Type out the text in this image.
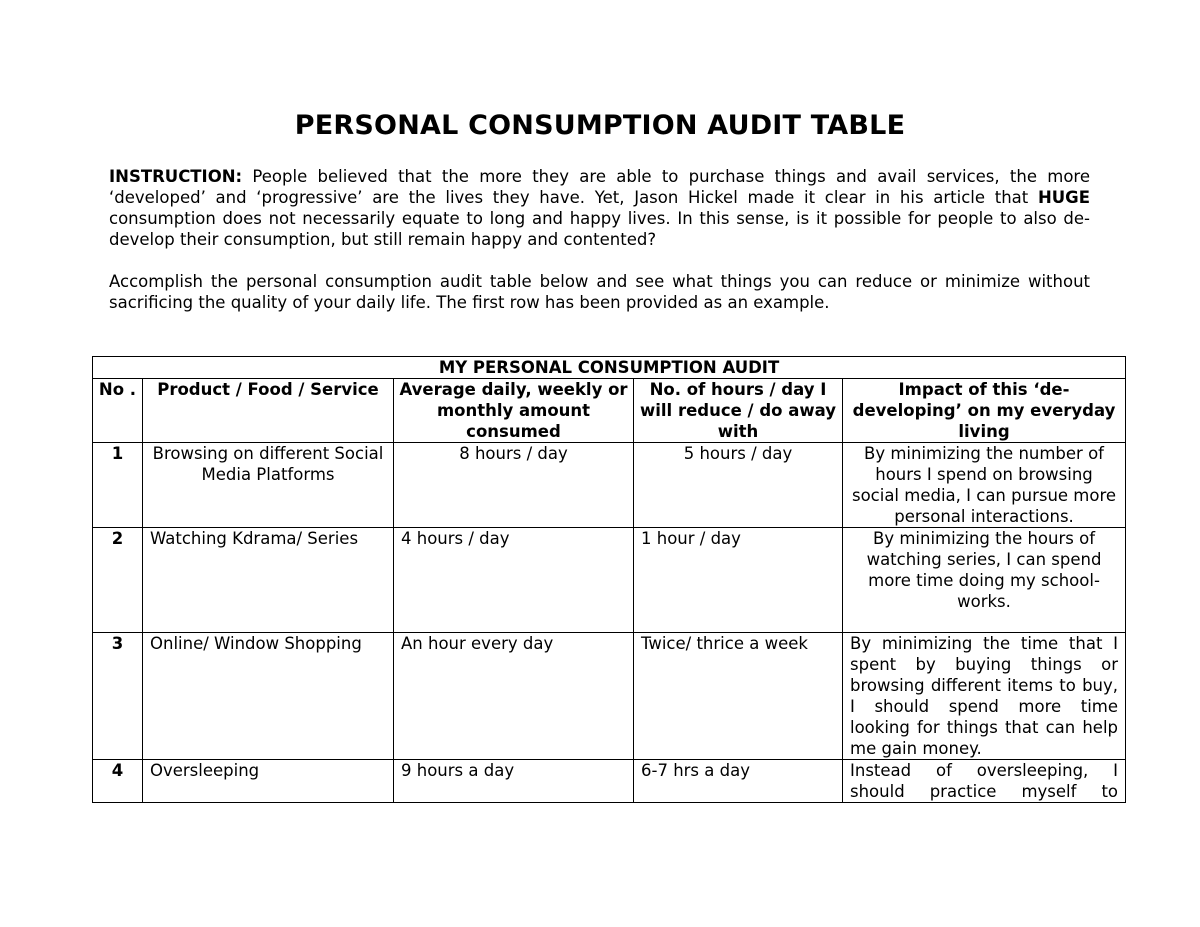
PERSONAL CONSUMPTION AUDIT TABLE
INSTRUCTION: People believed that the more they are able to purchase things and avail services, the more ‘developed’ and ‘progressive’ are the lives they have. Yet, Jason Hickel made it clear in his article that HUGE consumption does not necessarily equate to long and happy lives. In this sense, is it possible for people to also de-develop their consumption, but still remain happy and contented?
Accomplish the personal consumption audit table below and see what things you can reduce or minimize without sacrificing the quality of your daily life. The first row has been provided as an example.
MY PERSONAL CONSUMPTION AUDIT				
No .	Product / Food / Service	Average daily, weekly or monthly amount consumed	No. of hours / day I will reduce / do away with	Impact of this ‘de-developing’ on my everyday living
1	Browsing on different Social Media Platforms	8 hours / day	5 hours / day	By minimizing the number of hours I spend on browsing social media, I can pursue more personal interactions.
2	Watching Kdrama/ Series	4 hours / day	1 hour / day	By minimizing the hours of watching series, I can spend more time doing my school-works.
3	Online/ Window Shopping	An hour every day	Twice/ thrice a week	By minimizing the time that I spent by buying things or browsing different items to buy, I should spend more time looking for things that can help me gain money.
4	Oversleeping	9 hours a day	6-7 hrs a day	Instead of oversleeping, I should practice myself to
